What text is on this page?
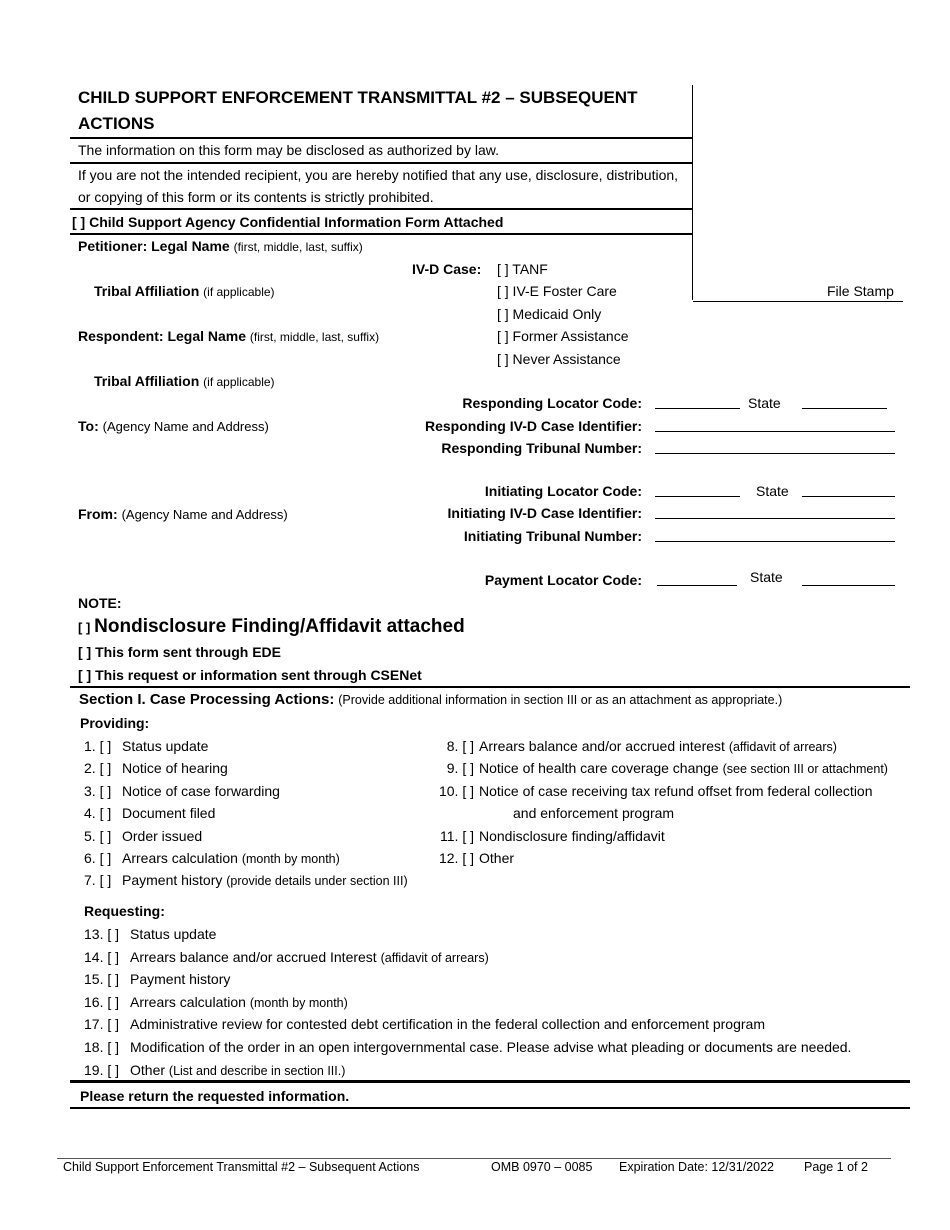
CHILD SUPPORT ENFORCEMENT TRANSMITTAL #2 – SUBSEQUENT
ACTIONS
The information on this form may be disclosed as authorized by law.
If you are not the intended recipient, you are hereby notified that any use, disclosure, distribution,
or copying of this form or its contents is strictly prohibited.
[ ] Child Support Agency Confidential Information Form Attached
File Stamp
Petitioner: Legal Name (first, middle, last, suffix)
Tribal Affiliation (if applicable)
Respondent: Legal Name (first, middle, last, suffix)
Tribal Affiliation (if applicable)
To: (Agency Name and Address)
From: (Agency Name and Address)
IV-D Case: [ ] TANF
[ ] IV-E Foster Care
[ ] Medicaid Only
[ ] Former Assistance
[ ] Never Assistance
Responding Locator Code:	State
Responding IV-D Case Identifier:
Responding Tribunal Number:
Initiating Locator Code:	State
Initiating IV-D Case Identifier:
Initiating Tribunal Number:
Payment Locator Code:	State
NOTE:
[ ] Nondisclosure Finding/Affidavit attached
[ ] This form sent through EDE
[ ] This request or information sent through CSENet
Section I. Case Processing Actions: (Provide additional information in section III or as an attachment as appropriate.)
Providing:
1. [ ] Status update
2. [ ] Notice of hearing
3. [ ] Notice of case forwarding
4. [ ] Document filed
5. [ ] Order issued
6. [ ] Arrears calculation (month by month)
7. [ ] Payment history (provide details under section III)
8. [ ] Arrears balance and/or accrued interest (affidavit of arrears)
9. [ ] Notice of health care coverage change (see section III or attachment)
10. [ ] Notice of case receiving tax refund offset from federal collection
and enforcement program
11. [ ] Nondisclosure finding/affidavit
12. [ ] Other
Requesting:
13. [ ] Status update
14. [ ] Arrears balance and/or accrued Interest (affidavit of arrears)
15. [ ] Payment history
16. [ ] Arrears calculation (month by month)
17. [ ] Administrative review for contested debt certification in the federal collection and enforcement program
18. [ ] Modification of the order in an open intergovernmental case. Please advise what pleading or documents are needed.
19. [ ] Other (List and describe in section III.)
Please return the requested information.
Child Support Enforcement Transmittal #2 – Subsequent Actions	OMB 0970 – 0085 Expiration Date: 12/31/2022 Page 1 of 2
